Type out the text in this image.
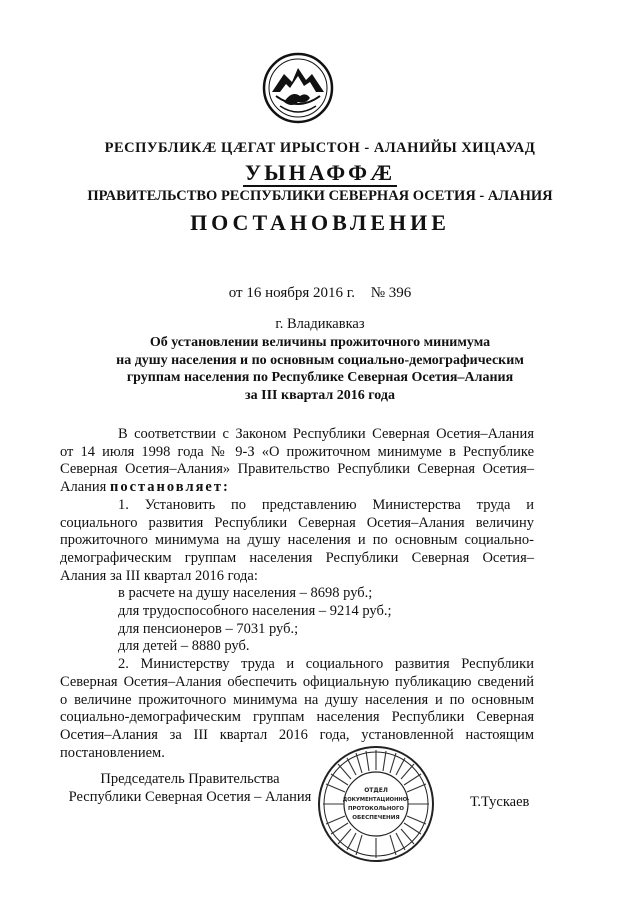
РЕСПУБЛИКӔ ЦӔГАТ ИРЫСТОН - АЛАНИЙЫ ХИЦАУАД
УЫНАФФӔ
ПРАВИТЕЛЬСТВО РЕСПУБЛИКИ СЕВЕРНАЯ ОСЕТИЯ - АЛАНИЯ
ПОСТАНОВЛЕНИЕ
от 16 ноября 2016 г. № 396
г. Владикавказ
Об установлении величины прожиточного минимума
на душу населения и по основным социально-демографическим
группам населения по Республике Северная Осетия–Алания
за III квартал 2016 года
В соответствии с Законом Республики Северная Осетия–Алания
от 14 июля 1998 года № 9-З «О прожиточном минимуме в Республике
Северная Осетия–Алания» Правительство Республики Северная Осетия–
Алания постановляет:
1. Установить по представлению Министерства труда и
социального развития Республики Северная Осетия–Алания величину
прожиточного минимума на душу населения и по основным социально-
демографическим группам населения Республики Северная Осетия–
Алания за III квартал 2016 года:
в расчете на душу населения – 8698 руб.;
для трудоспособного населения – 9214 руб.;
для пенсионеров – 7031 руб.;
для детей – 8880 руб.
2. Министерству труда и социального развития Республики
Северная Осетия–Алания обеспечить официальную публикацию сведений
о величине прожиточного минимума на душу населения и по основным
социально-демографическим группам населения Республики Северная
Осетия–Алания за III квартал 2016 года, установленной настоящим
постановлением.
Председатель Правительства
Республики Северная Осетия – Алания	ОТДЕЛ
ДОКУМЕНТАЦИОННО-
ПРОТОКОЛЬНОГО
ОБЕСПЕЧЕНИЯ
Т.Тускаев
